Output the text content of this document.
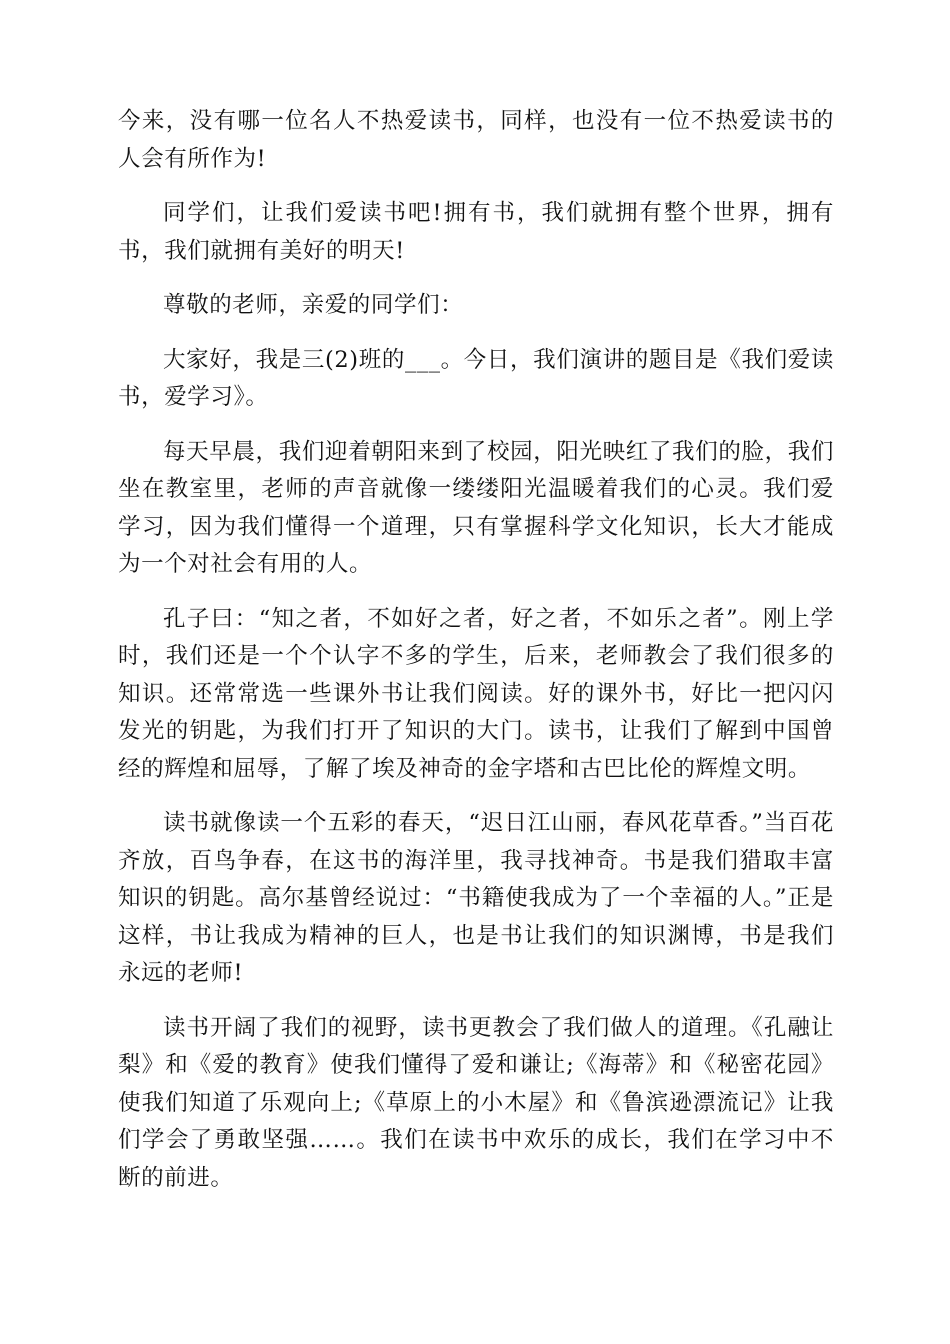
今来，没有哪一位名人不热爱读书，同样，也没有一位不热爱读书的人会有所作为!

同学们，让我们爱读书吧!拥有书，我们就拥有整个世界，拥有书，我们就拥有美好的明天!

尊敬的老师，亲爱的同学们：

大家好，我是三(2)班的___。今日，我们演讲的题目是《我们爱读书，爱学习》。

每天早晨，我们迎着朝阳来到了校园，阳光映红了我们的脸，我们坐在教室里，老师的声音就像一缕缕阳光温暖着我们的心灵。我们爱学习，因为我们懂得一个道理，只有掌握科学文化知识，长大才能成为一个对社会有用的人。

孔子曰：“知之者，不如好之者，好之者，不如乐之者”。刚上学时，我们还是一个个认字不多的学生，后来，老师教会了我们很多的知识。还常常选一些课外书让我们阅读。好的课外书，好比一把闪闪发光的钥匙，为我们打开了知识的大门。读书，让我们了解到中国曾经的辉煌和屈辱，了解了埃及神奇的金字塔和古巴比伦的辉煌文明。

读书就像读一个五彩的春天，“迟日江山丽，春风花草香。”当百花齐放，百鸟争春，在这书的海洋里，我寻找神奇。书是我们猎取丰富知识的钥匙。高尔基曾经说过：“书籍使我成为了一个幸福的人。”正是这样，书让我成为精神的巨人，也是书让我们的知识渊博，书是我们永远的老师!

读书开阔了我们的视野，读书更教会了我们做人的道理。《孔融让梨》和《爱的教育》使我们懂得了爱和谦让;《海蒂》和《秘密花园》使我们知道了乐观向上;《草原上的小木屋》和《鲁滨逊漂流记》让我们学会了勇敢坚强……。我们在读书中欢乐的成长，我们在学习中不断的前进。
